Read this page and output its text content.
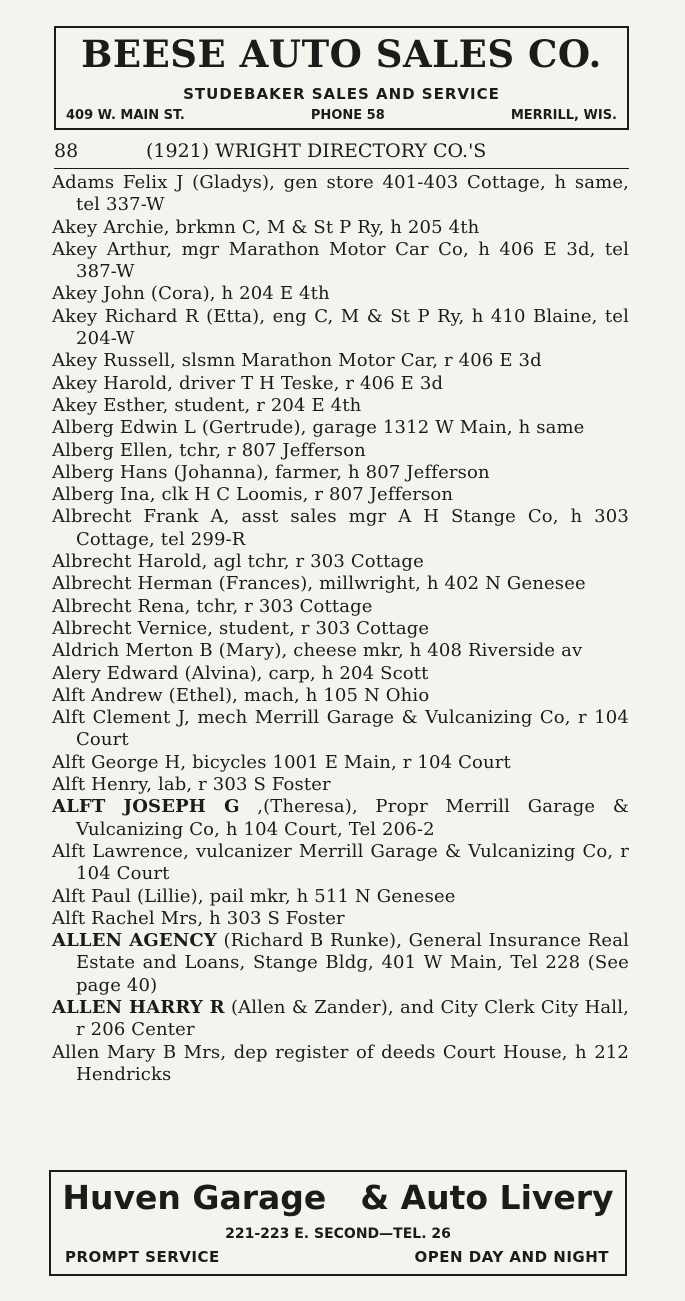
BEESE AUTO SALES CO.
STUDEBAKER SALES AND SERVICE
409 W. MAIN ST.	PHONE 58	MERRILL, WIS.
88	(1921) WRIGHT DIRECTORY CO.'S
Adams Felix J (Gladys), gen store 401-403 Cottage, h same, tel 337-W
Akey Archie, brkmn C, M & St P Ry, h 205 4th
Akey Arthur, mgr Marathon Motor Car Co, h 406 E 3d, tel 387-W
Akey John (Cora), h 204 E 4th
Akey Richard R (Etta), eng C, M & St P Ry, h 410 Blaine, tel 204-W
Akey Russell, slsmn Marathon Motor Car, r 406 E 3d
Akey Harold, driver T H Teske, r 406 E 3d
Akey Esther, student, r 204 E 4th
Alberg Edwin L (Gertrude), garage 1312 W Main, h same
Alberg Ellen, tchr, r 807 Jefferson
Alberg Hans (Johanna), farmer, h 807 Jefferson
Alberg Ina, clk H C Loomis, r 807 Jefferson
Albrecht Frank A, asst sales mgr A H Stange Co, h 303 Cottage, tel 299-R
Albrecht Harold, agl tchr, r 303 Cottage
Albrecht Herman (Frances), millwright, h 402 N Genesee
Albrecht Rena, tchr, r 303 Cottage
Albrecht Vernice, student, r 303 Cottage
Aldrich Merton B (Mary), cheese mkr, h 408 Riverside av
Alery Edward (Alvina), carp, h 204 Scott
Alft Andrew (Ethel), mach, h 105 N Ohio
Alft Clement J, mech Merrill Garage & Vulcanizing Co, r 104 Court
Alft George H, bicycles 1001 E Main, r 104 Court
Alft Henry, lab, r 303 S Foster
ALFT JOSEPH G ,(Theresa), Propr Merrill Garage & Vulcanizing Co, h 104 Court, Tel 206-2
Alft Lawrence, vulcanizer Merrill Garage & Vulcanizing Co, r 104 Court
Alft Paul (Lillie), pail mkr, h 511 N Genesee
Alft Rachel Mrs, h 303 S Foster
ALLEN AGENCY (Richard B Runke), General Insurance Real Estate and Loans, Stange Bldg, 401 W Main, Tel 228 (See page 40)
ALLEN HARRY R (Allen & Zander), and City Clerk City Hall, r 206 Center
Allen Mary B Mrs, dep register of deeds Court House, h 212 Hendricks
Huven Garage & Auto Livery
221-223 E. SECOND—TEL. 26
PROMPT SERVICE	OPEN DAY AND NIGHT
